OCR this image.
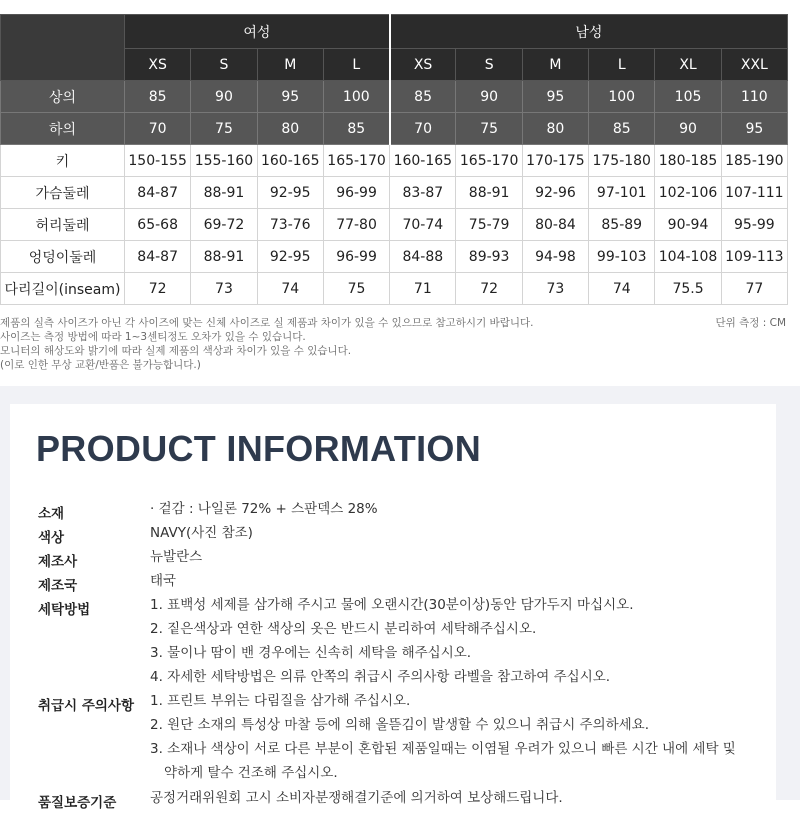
	여성				남성					
	XS	S	M	L	XS	S	M	L	XL	XXL
상의	85	90	95	100	85	90	95	100	105	110
하의	70	75	80	85	70	75	80	85	90	95
키	150-155	155-160	160-165	165-170	160-165	165-170	170-175	175-180	180-185	185-190
가슴둘레	84-87	88-91	92-95	96-99	83-87	88-91	92-96	97-101	102-106	107-111
허리둘레	65-68	69-72	73-76	77-80	70-74	75-79	80-84	85-89	90-94	95-99
엉덩이둘레	84-87	88-91	92-95	96-99	84-88	89-93	94-98	99-103	104-108	109-113
다리길이(inseam)	72	73	74	75	71	72	73	74	75.5	77
제품의 실측 사이즈가 아닌 각 사이즈에 맞는 신체 사이즈로 실 제품과 차이가 있을 수 있으므로 참고하시기 바랍니다.
사이즈는 측정 방법에 따라 1~3센티정도 오차가 있을 수 있습니다.
모니터의 해상도와 밝기에 따라 실제 제품의 색상과 차이가 있을 수 있습니다.
(이로 인한 무상 교환/반품은 불가능합니다.)
단위 측정 : CM
PRODUCT INFORMATION
소재	· 겉감 : 나일론 72% + 스판덱스 28%
색상	NAVY(사진 참조)
제조사	뉴발란스
제조국	태국
세탁방법	1. 표백성 세제를 삼가해 주시고 물에 오랜시간(30분이상)동안 담가두지 마십시오.
2. 짙은색상과 연한 색상의 옷은 반드시 분리하여 세탁해주십시오.
3. 물이나 땀이 밴 경우에는 신속히 세탁을 해주십시오.
4. 자세한 세탁방법은 의류 안쪽의 취급시 주의사항 라벨을 참고하여 주십시오.
취급시 주의사항	1. 프린트 부위는 다림질을 삼가해 주십시오.
2. 원단 소재의 특성상 마찰 등에 의해 올뜯김이 발생할 수 있으니 취급시 주의하세요.
3. 소재나 색상이 서로 다른 부분이 혼합된 제품일때는 이염될 우려가 있으니 빠른 시간 내에 세탁 및
약하게 탈수 건조해 주십시오.
품질보증기준	공정거래위원회 고시 소비자분쟁해결기준에 의거하여 보상해드립니다.
